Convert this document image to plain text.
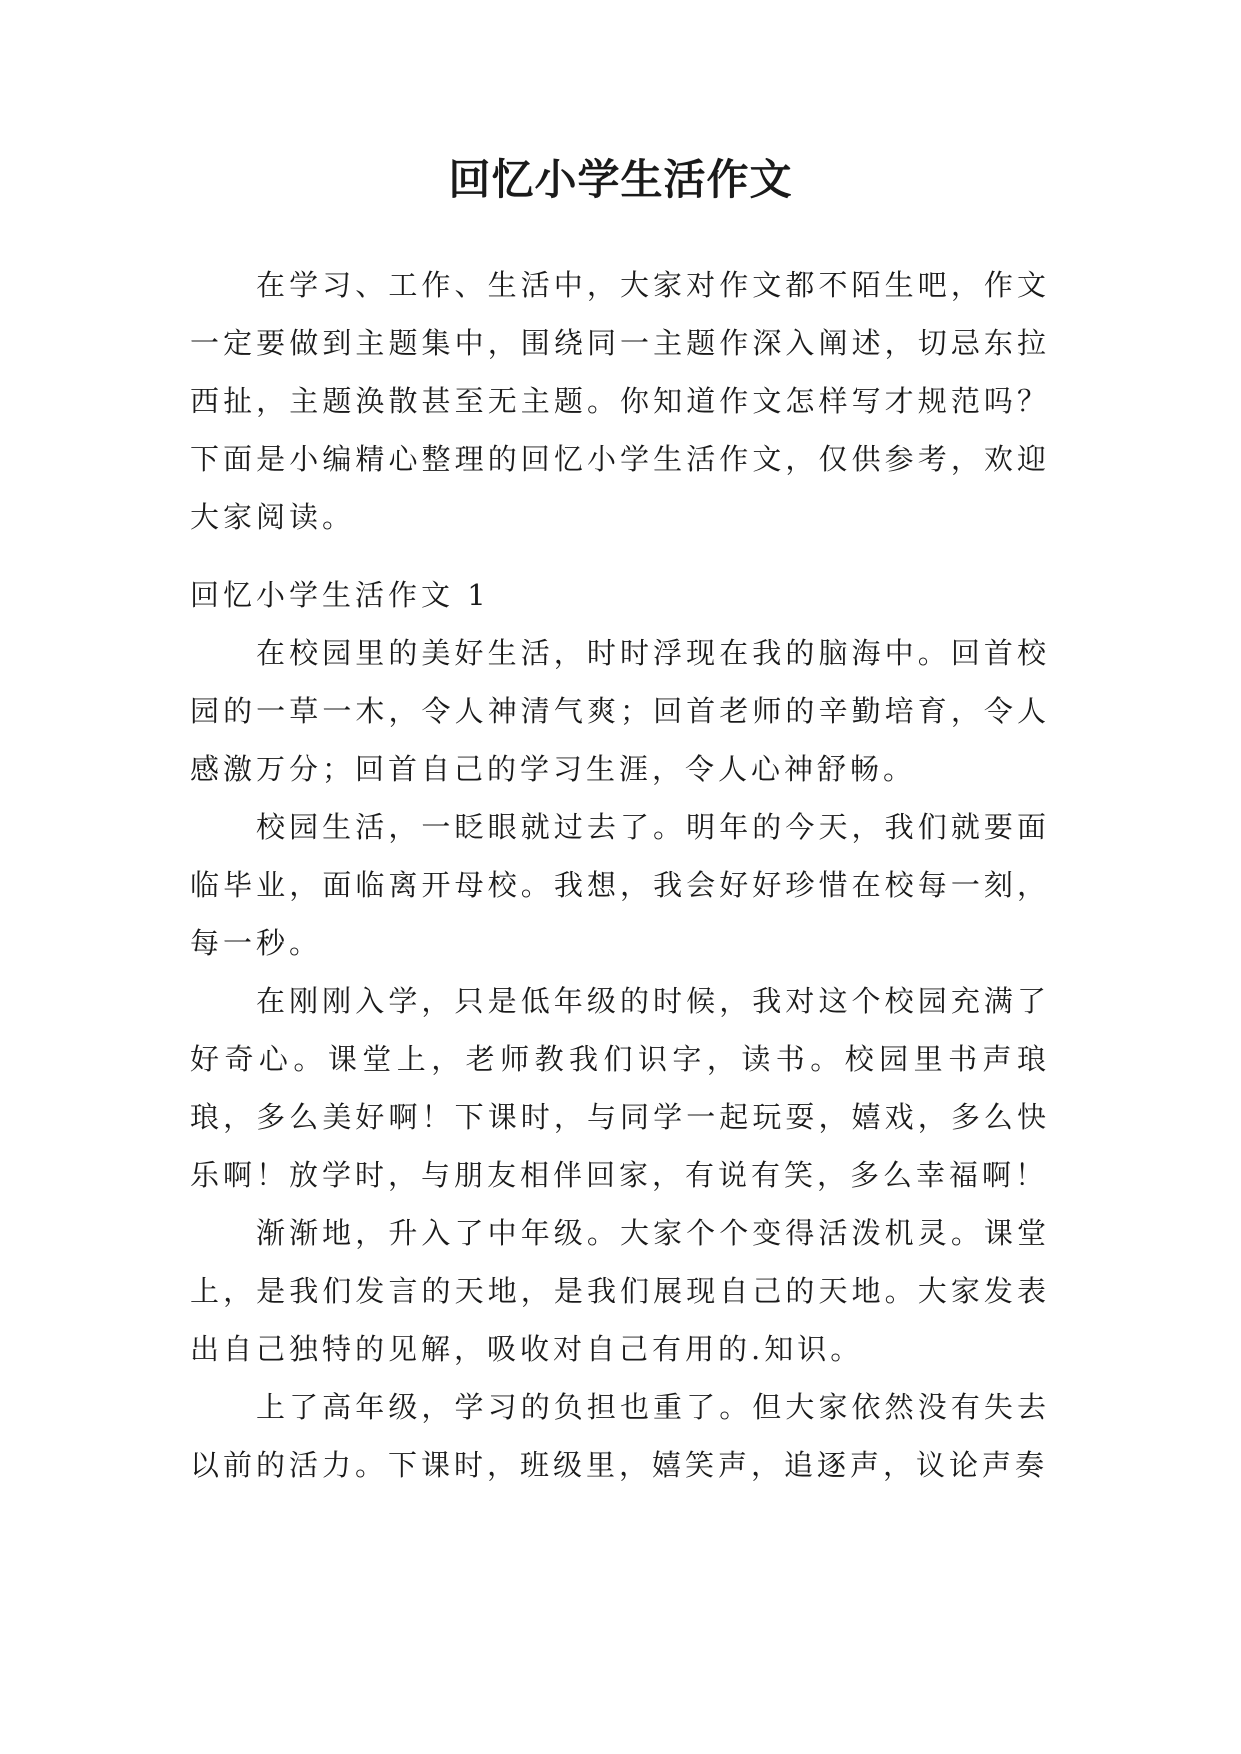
回忆小学生活作文

在学习、工作、生活中，大家对作文都不陌生吧，作文一定要做到主题集中，围绕同一主题作深入阐述，切忌东拉西扯，主题涣散甚至无主题。你知道作文怎样写才规范吗？下面是小编精心整理的回忆小学生活作文，仅供参考，欢迎大家阅读。

回忆小学生活作文 1

在校园里的美好生活，时时浮现在我的脑海中。回首校园的一草一木，令人神清气爽；回首老师的辛勤培育，令人感激万分；回首自己的学习生涯，令人心神舒畅。

校园生活，一眨眼就过去了。明年的今天，我们就要面临毕业，面临离开母校。我想，我会好好珍惜在校每一刻，每一秒。

在刚刚入学，只是低年级的时候，我对这个校园充满了好奇心。课堂上，老师教我们识字，读书。校园里书声琅琅，多么美好啊！下课时，与同学一起玩耍，嬉戏，多么快乐啊！放学时，与朋友相伴回家，有说有笑，多么幸福啊！

渐渐地，升入了中年级。大家个个变得活泼机灵。课堂上，是我们发言的天地，是我们展现自己的天地。大家发表出自己独特的见解，吸收对自己有用的.知识。

上了高年级，学习的负担也重了。但大家依然没有失去以前的活力。下课时，班级里，嬉笑声，追逐声，议论声奏
